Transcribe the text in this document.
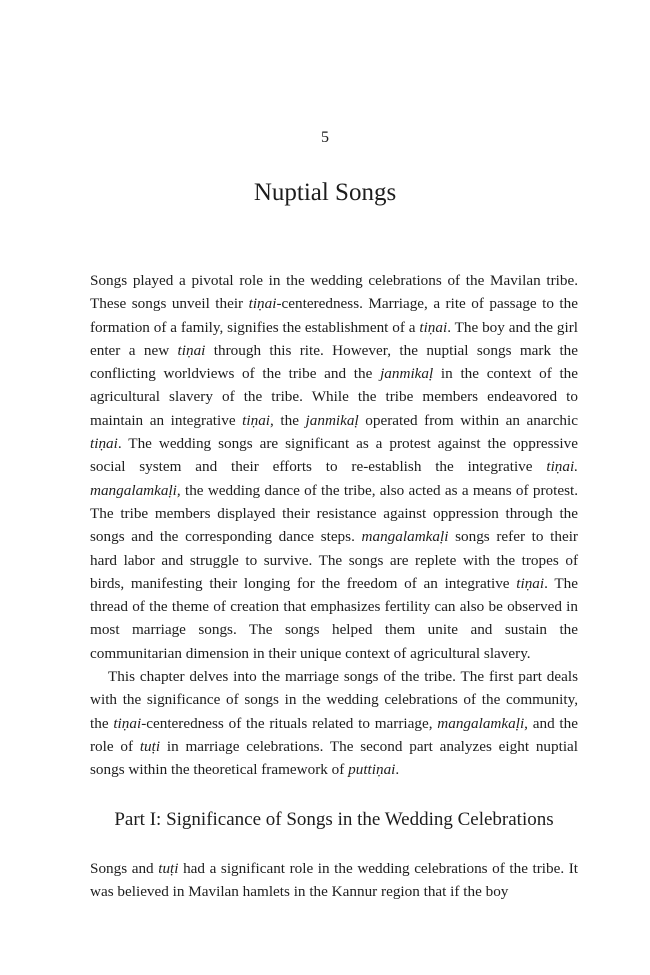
5
Nuptial Songs

Songs played a pivotal role in the wedding celebrations of the Mavilan tribe. These songs unveil their tiṇai-centeredness. Marriage, a rite of passage to the formation of a family, signifies the establishment of a tiṇai. The boy and the girl enter a new tiṇai through this rite. However, the nuptial songs mark the conflicting worldviews of the tribe and the janmikaḷ in the context of the agricultural slavery of the tribe. While the tribe members endeavored to maintain an integrative tiṇai, the janmikaḷ operated from within an anarchic tiṇai. The wedding songs are significant as a protest against the oppressive social system and their efforts to re-establish the integrative tiṇai. mangalamkaḷi, the wedding dance of the tribe, also acted as a means of protest. The tribe members displayed their resistance against oppression through the songs and the corresponding dance steps. mangalamkaḷi songs refer to their hard labor and struggle to survive. The songs are replete with the tropes of birds, manifesting their longing for the freedom of an integrative tiṇai. The thread of the theme of creation that emphasizes fertility can also be observed in most marriage songs. The songs helped them unite and sustain the communitarian dimension in their unique context of agricultural slavery.

This chapter delves into the marriage songs of the tribe. The first part deals with the significance of songs in the wedding celebrations of the community, the tiṇai-centeredness of the rituals related to marriage, mangalamkaḷi, and the role of tuṭi in marriage celebrations. The second part analyzes eight nuptial songs within the theoretical framework of puttiṇai.

Part I: Significance of Songs in the Wedding Celebrations

Songs and tuṭi had a significant role in the wedding celebrations of the tribe. It was believed in Mavilan hamlets in the Kannur region that if the boy
